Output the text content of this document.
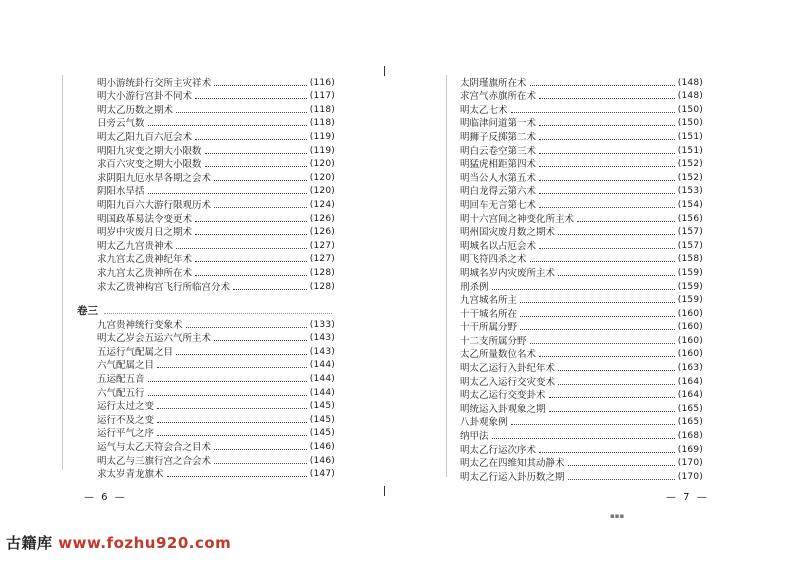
明小游统卦行交所主灾祥术	(116)
明大小游行宫卦不同术	(117)
明太乙历数之期术	(118)
日旁云气数	(118)
明太乙阳九百六厄会术	(119)
明阳九灾变之期大小限数	(119)
求百六灾变之期大小限数	(120)
求阴阳九厄水旱各期之会术	(120)
阴阳水旱括	(120)
明阳九百六大游行限观历术	(124)
明国政革易法令变更术	(126)
明岁中灾废月日之期术	(126)
明太乙九宫贵神术	(127)
求九宫太乙贵神纪年术	(127)
求九宫太乙贵神所在术	(128)
求太乙贵神构宫飞行所临宫分术	(128)
卷三
九宫贵神统行变象术	(133)
明太乙岁会五运六气所主术	(143)
五运行气配属之目	(143)
六气配属之目	(144)
五运配五音	(144)
六气配五行	(144)
运行太过之变	(145)
运行不及之变	(145)
运行平气之序	(145)
运气与太乙天符会合之目术	(146)
明太乙与三旗行宫之合会术	(146)
求太岁青龙旗术	(147)
— 6 —
太阴瑾旗所在术	(148)
求宫气赤旗所在术	(148)
明太乙七术	(150)
明临津问道第一术	(150)
明狮子反掷第二术	(151)
明白云卷空第三术	(151)
明猛虎相距第四术	(152)
明当公人水第五术	(152)
明白龙得云第六术	(153)
明回车无言第七术	(154)
明十六宫间之神变化所主术	(156)
明州国灾废月数之期术	(157)
明城名以占厄会术	(157)
明飞符四杀之术	(158)
明城名岁内灾废所主术	(159)
刑杀例	(159)
九宫城名所主	(159)
十干城名所在	(160)
十干所属分野	(160)
十二支所属分野	(160)
太乙所量数位名术	(160)
明太乙运行入卦纪年术	(163)
明太乙入运行交灾变术	(164)
明太乙运行交变卦术	(164)
明统运入卦观象之期	(165)
八卦观象例	(165)
纳甲法	(168)
明太乙行运次序术	(169)
明太乙在四维知其动静术	(170)
明太乙行运入卦历数之期	(170)
— 7 —
▪▪▪
古籍库 www.fozhu920.com
